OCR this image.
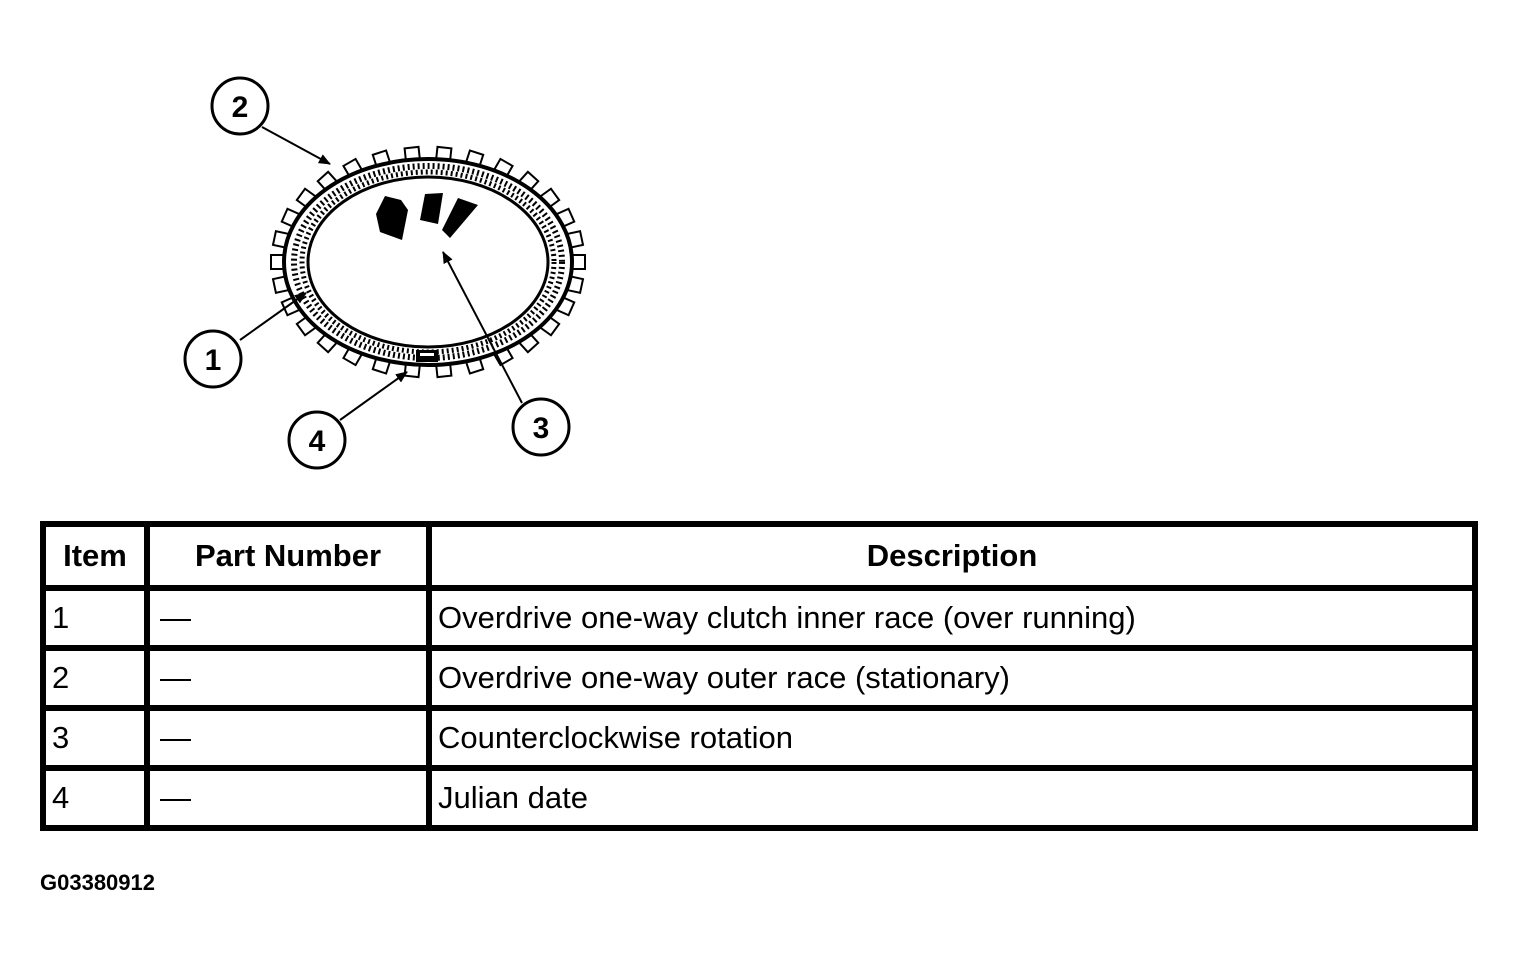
2
1
4	3
Item	Part Number	Description
1	—	Overdrive one-way clutch inner race (over running)
2	—	Overdrive one-way outer race (stationary)
3	—	Counterclockwise rotation
4	—	Julian date
G03380912
